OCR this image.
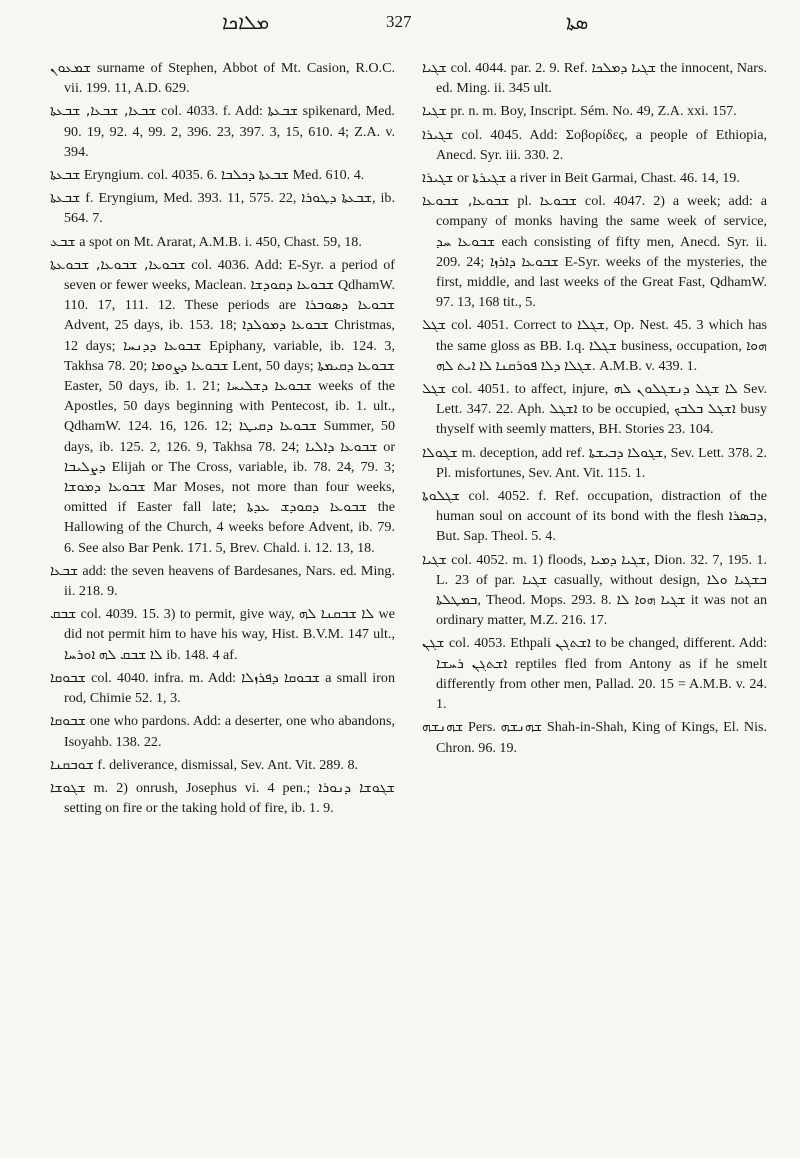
ܡܠܐܟܐ	327	ܣܬܐ

ܫܡܥܘܢ surname of Stephen, Abbot of Mt. Casion, R.O.C. vii. 199. 11, A.D. 629.

ܫܒܥܐ, ܫܒܥܐ, ܫܒܥܬܐ col. 4033. f. Add: ܫܒܥܬܐ spikenard, Med. 90. 19, 92. 4, 99. 2, 396. 23, 397. 3, 15, 610. 4; Z.A. v. 394.

ܫܒܥܬܐ Eryngium. col. 4035. 6. ܫܒܥܬܐ ܕܟܠܒܐ Med. 610. 4.

ܫܒܥܬܐ f. Eryngium, Med. 393. 11, 575. 22, ܫܒܥܬܐ ܕܛܘܪܐ, ib. 564. 7.

ܫܒܥ a spot on Mt. Ararat, A.M.B. i. 450, Chast. 59, 18.

ܫܒܘܥܐ, ܫܒܘܥܐ, ܫܒܘܥܬܐ col. 4036. Add: E-Syr. a period of seven or fewer weeks, Maclean. ܫܒܘܥܐ ܕܩܘܕܫܐ QdhamW. 110. 17, 111. 12. These periods are ܫܒܘܥܐ ܕܣܘܒܪܐ Advent, 25 days, ib. 153. 18; ܫܒܘܥܐ ܕܡܘܠܕܐ Christmas, 12 days; ܫܒܘܥܐ ܕܕܢܚܐ Epiphany, variable, ib. 124. 3, Takhsa 78. 20; ܫܒܘܥܐ ܕܨܘܡܐ Lent, 50 days; ܫܒܘܥܐ ܕܩܝܡܬܐ Easter, 50 days, ib. 1. 21; ܫܒܘܥܐ ܕܫܠܝܚܐ weeks of the Apostles, 50 days beginning with Pentecost, ib. 1. ult., QdhamW. 124. 16, 126. 12; ܫܒܘܥܐ ܕܩܝܛܐ Summer, 50 days, ib. 125. 2, 126. 9, Takhsa 78. 24; ܫܒܘܥܐ ܕܐܠܝܐ or ܕܨܠܝܒܐ Elijah or The Cross, variable, ib. 78. 24, 79. 3; ܫܒܘܥܐ ܕܡܘܫܐ Mar Moses, not more than four weeks, omitted if Easter fall late; ܫܒܘܥܐ ܕܩܘܕܫ ܥܕܬܐ the Hallowing of the Church, 4 weeks before Advent, ib. 79. 6. See also Bar Penk. 171. 5, Brev. Chald. i. 12. 13, 18.

ܫܒܥܐ add: the seven heavens of Bardesanes, Nars. ed. Ming. ii. 218. 9.

ܫܒܩ col. 4039. 15. 3) to permit, give way, ܠܐ ܫܒܩܢܐ ܠܗ we did not permit him to have his way, Hist. B.V.M. 147 ult., ܠܐ ܫܒܩ ܠܗ ܐܘܪܚܐ ib. 148. 4 af.

ܫܒܘܩܐ col. 4040. infra. m. Add: ܫܒܘܩܐ ܕܦܪܙܠܐ a small iron rod, Chimie 52. 1, 3.

ܫܒܘܩܐ one who pardons. Add: a deserter, one who abandons, Isoyahb. 138. 22.

ܫܘܒܩܢܐ f. deliverance, dismissal, Sev. Ant. Vit. 289. 8.

ܫܓܘܫܐ m. 2) onrush, Josephus vi. 4 pen.; ܫܓܘܫܐ ܕܢܘܪܐ setting on fire or the taking hold of fire, ib. 1. 9.

ܫܓܝܐ col. 4044. par. 2. 9. Ref. ܫܓܝܐ ܕܡܠܟܐ the innocent, Nars. ed. Ming. ii. 345 ult.

ܫܓܝܐ pr. n. m. Boy, Inscript. Sém. No. 49, Z.A. xxi. 157.

ܫܓܝܪܐ col. 4045. Add: Σοβορίδες, a people of Ethiopia, Anecd. Syr. iii. 330. 2.

ܫܓܝܪܐ or ܫܓܝܪܬܐ a river in Beit Garmai, Chast. 46. 14, 19.

ܫܒܘܥܐ, ܫܒܘܥܐ pl. ܫܒܘܥܐ col. 4047. 2) a week; add: a company of monks having the same week of service, ܫܒܘܥܐ ܚܕ each consisting of fifty men, Anecd. Syr. ii. 209. 24; ܫܒܘܥܐ ܕܐܪܙܐ E-Syr. weeks of the mysteries, the first, middle, and last weeks of the Great Fast, QdhamW. 97. 13, 168 tit., 5.

ܫܓܠ col. 4051. Correct to ܫܓܠܐ, Op. Nest. 45. 3 which has the same gloss as BB. I.q. ܫܓܠܐ business, occupation, ܗܘܐ ܫܓܠܐ ܕܠܐ ܦܘܪܩܢܐ ܠܐ ܐܝܬ ܠܗ. A.M.B. v. 439. 1.

ܫܓܠ col. 4051. to affect, injure, ܠܐ ܫܓܠ ܕܢܫܓܠܘܢ ܠܗ Sev. Lett. 347. 22. Aph. ܐܫܓܠ to be occupied, ܐܫܓܠ ܒܠܒܟ busy thyself with seemly matters, BH. Stories 23. 104.

ܫܓܘܠܐ m. deception, add ref. ܫܓܘܠܐ ܕܒܝܫܬܐ, Sev. Lett. 378. 2. Pl. misfortunes, Sev. Ant. Vit. 115. 1.

ܫܓܠܘܬܐ col. 4052. f. Ref. occupation, distraction of the human soul on account of its bond with the flesh ܕܒܣܪܐ, But. Sap. Theol. 5. 4.

ܫܓܝܐ col. 4052. m. 1) floods, ܫܓܝܐ ܕܡܝܐ, Dion. 32. 7, 195. 1. L. 23 of par. ܫܓܝܐ casually, without design, ܒܫܓܝܐ ܘܠܐ ܒܡܛܠܬܐ, Theod. Mops. 293. 8. ܫܓܝܐ ܗܘܐ ܠܐ it was not an ordinary matter, M.Z. 216. 17.

ܫܓܢ col. 4053. Ethpali ܐܫܬܓܢ to be changed, different. Add: ܐܫܬܓܢ ܪܚܫܐ reptiles fled from Antony as if he smelt differently from other men, Pallad. 20. 15 = A.M.B. v. 24. 1.

ܫܗܢܫܗ Pers. ܫܗܢܫܗ Shah-in-Shah, King of Kings, El. Nis. Chron. 96. 19.
